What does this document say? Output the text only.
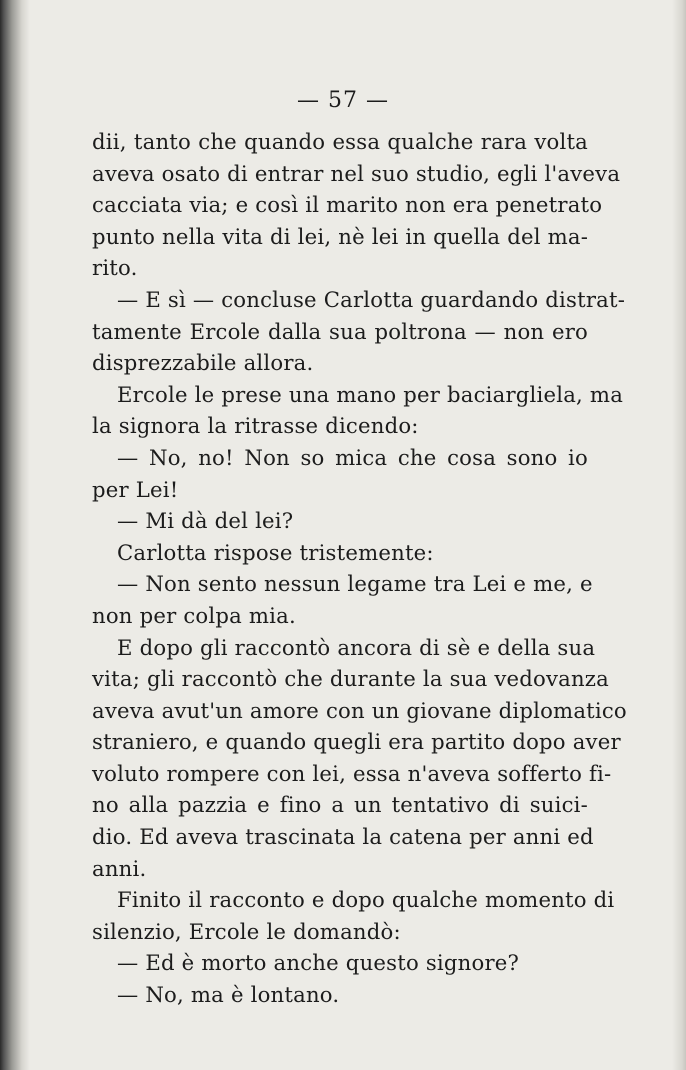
— 57 —
dii, tanto che quando essa qualche rara volta
aveva osato di entrar nel suo studio, egli l'aveva
cacciata via; e così il marito non era penetrato
punto nella vita di lei, nè lei in quella del ma-
rito.
— E sì — concluse Carlotta guardando distrat-
tamente Ercole dalla sua poltrona — non ero
disprezzabile allora.
Ercole le prese una mano per baciargliela, ma
la signora la ritrasse dicendo:
— No, no! Non so mica che cosa sono io
per Lei!
— Mi dà del lei?
Carlotta rispose tristemente:
— Non sento nessun legame tra Lei e me, e
non per colpa mia.
E dopo gli raccontò ancora di sè e della sua
vita; gli raccontò che durante la sua vedovanza
aveva avut'un amore con un giovane diplomatico
straniero, e quando quegli era partito dopo aver
voluto rompere con lei, essa n'aveva sofferto fi-
no alla pazzia e fino a un tentativo di suici-
dio. Ed aveva trascinata la catena per anni ed
anni.
Finito il racconto e dopo qualche momento di
silenzio, Ercole le domandò:
— Ed è morto anche questo signore?
— No, ma è lontano.
